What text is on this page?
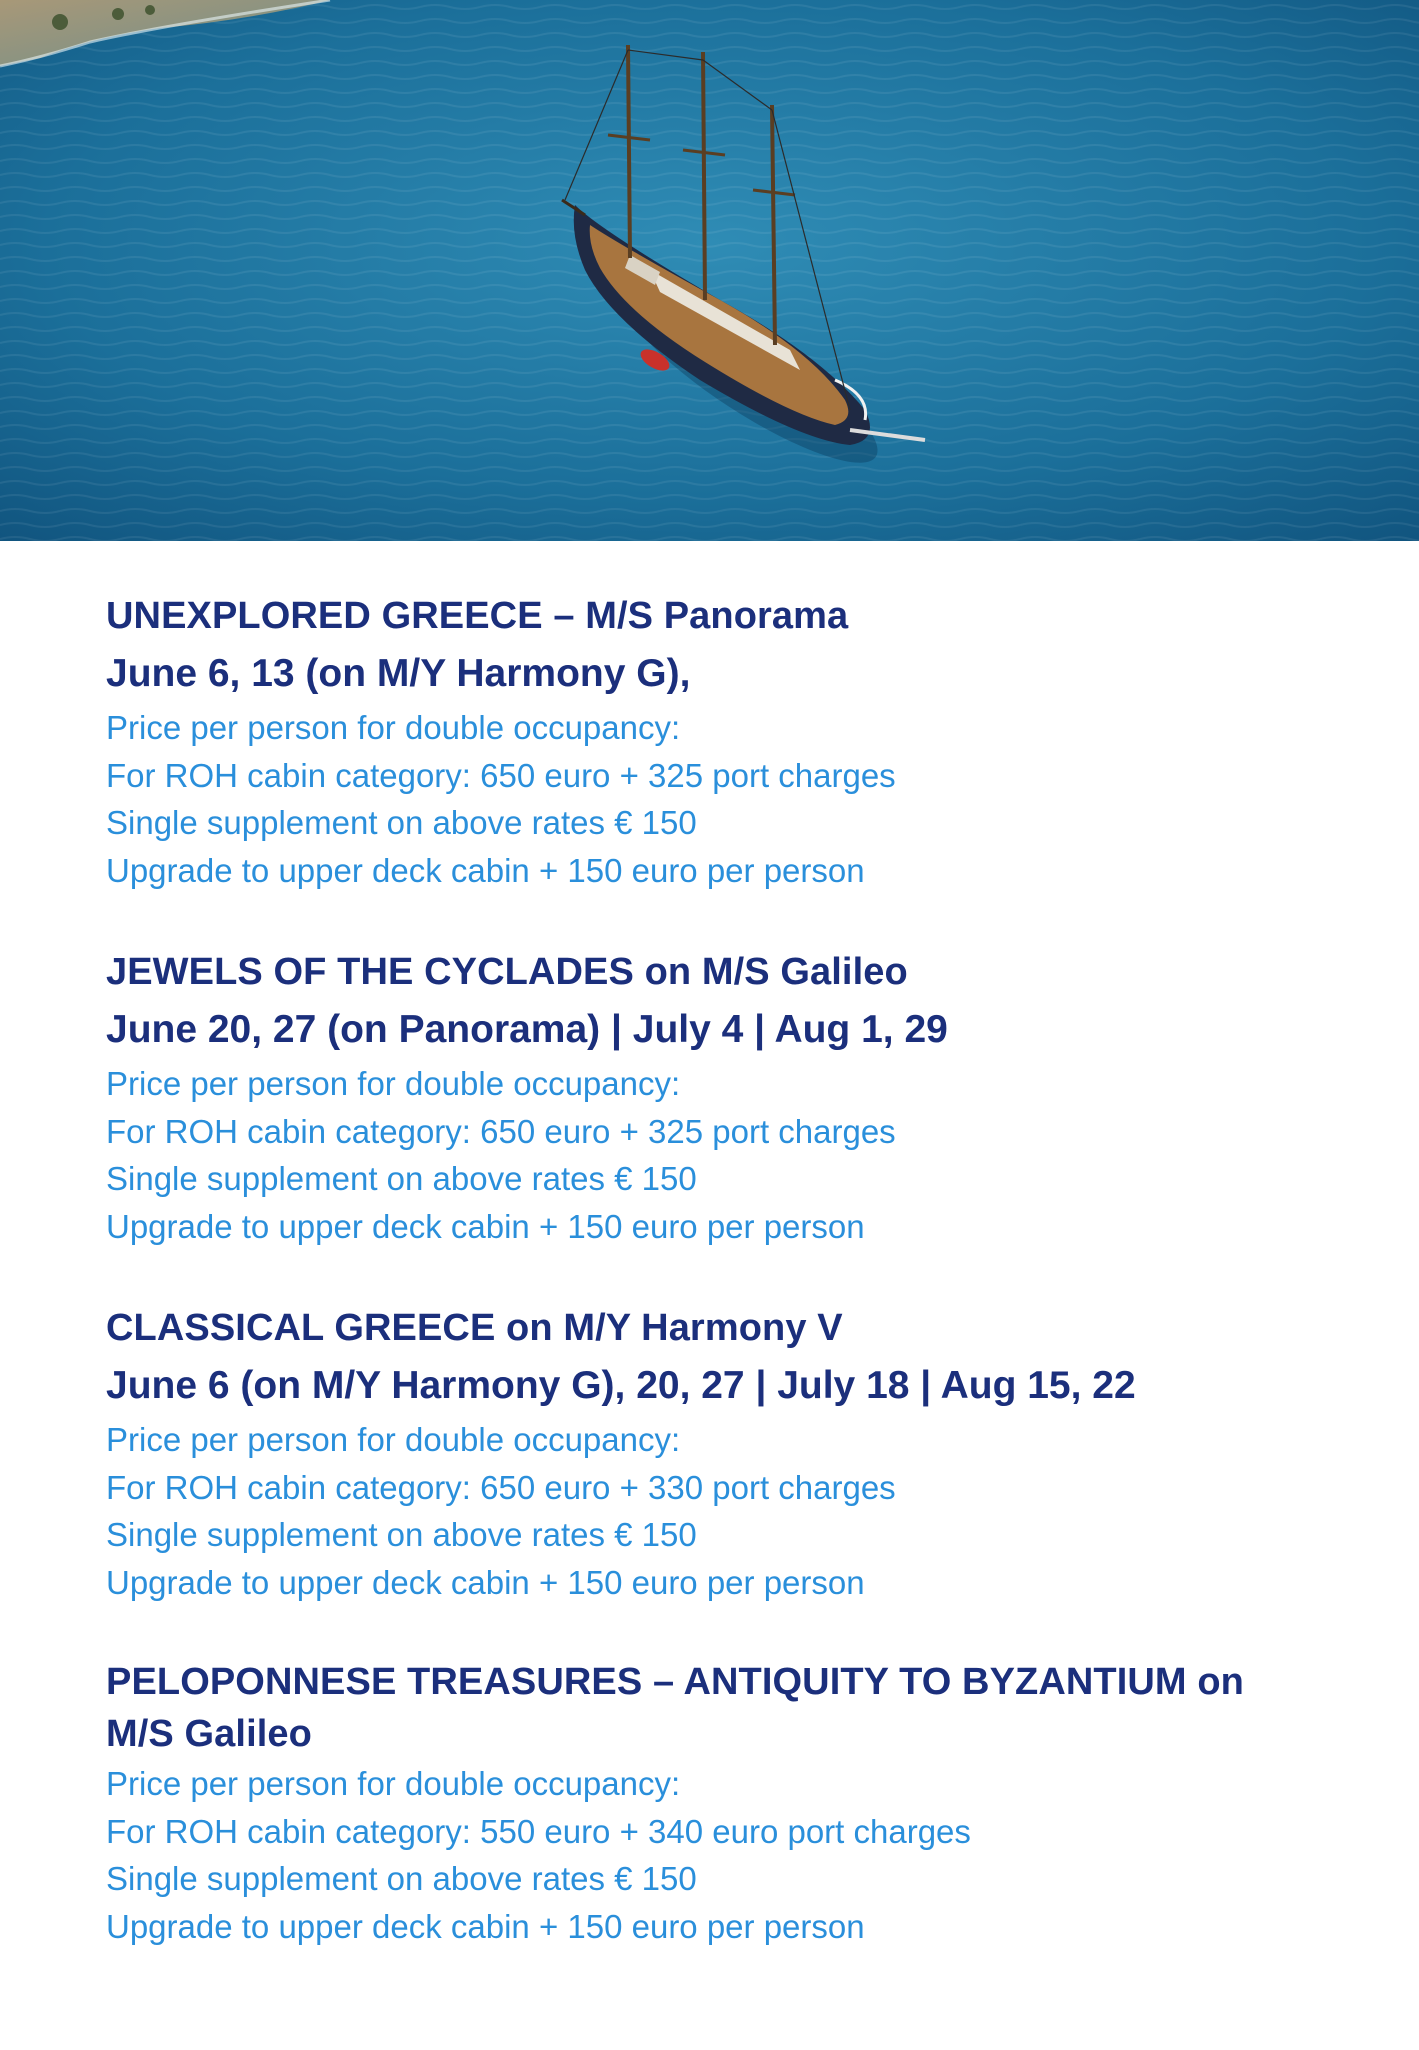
UNEXPLORED GREECE – M/S Panorama

June 6, 13 (on M/Y Harmony G),

Price per person for double occupancy:

For ROH cabin category: 650 euro + 325 port charges

Single supplement on above rates € 150

Upgrade to upper deck cabin + 150 euro per person

JEWELS OF THE CYCLADES on M/S Galileo

June 20, 27 (on Panorama) | July 4 | Aug 1, 29

Price per person for double occupancy:

For ROH cabin category: 650 euro + 325 port charges

Single supplement on above rates € 150

Upgrade to upper deck cabin + 150 euro per person

CLASSICAL GREECE on M/Y Harmony V

June 6 (on M/Y Harmony G), 20, 27 | July 18 | Aug 15, 22

Price per person for double occupancy:

For ROH cabin category: 650 euro + 330 port charges

Single supplement on above rates € 150

Upgrade to upper deck cabin + 150 euro per person

PELOPONNESE TREASURES – ANTIQUITY TO BYZANTIUM on M/S Galileo

Price per person for double occupancy:

For ROH cabin category: 550 euro + 340 euro port charges

Single supplement on above rates € 150

Upgrade to upper deck cabin + 150 euro per person
